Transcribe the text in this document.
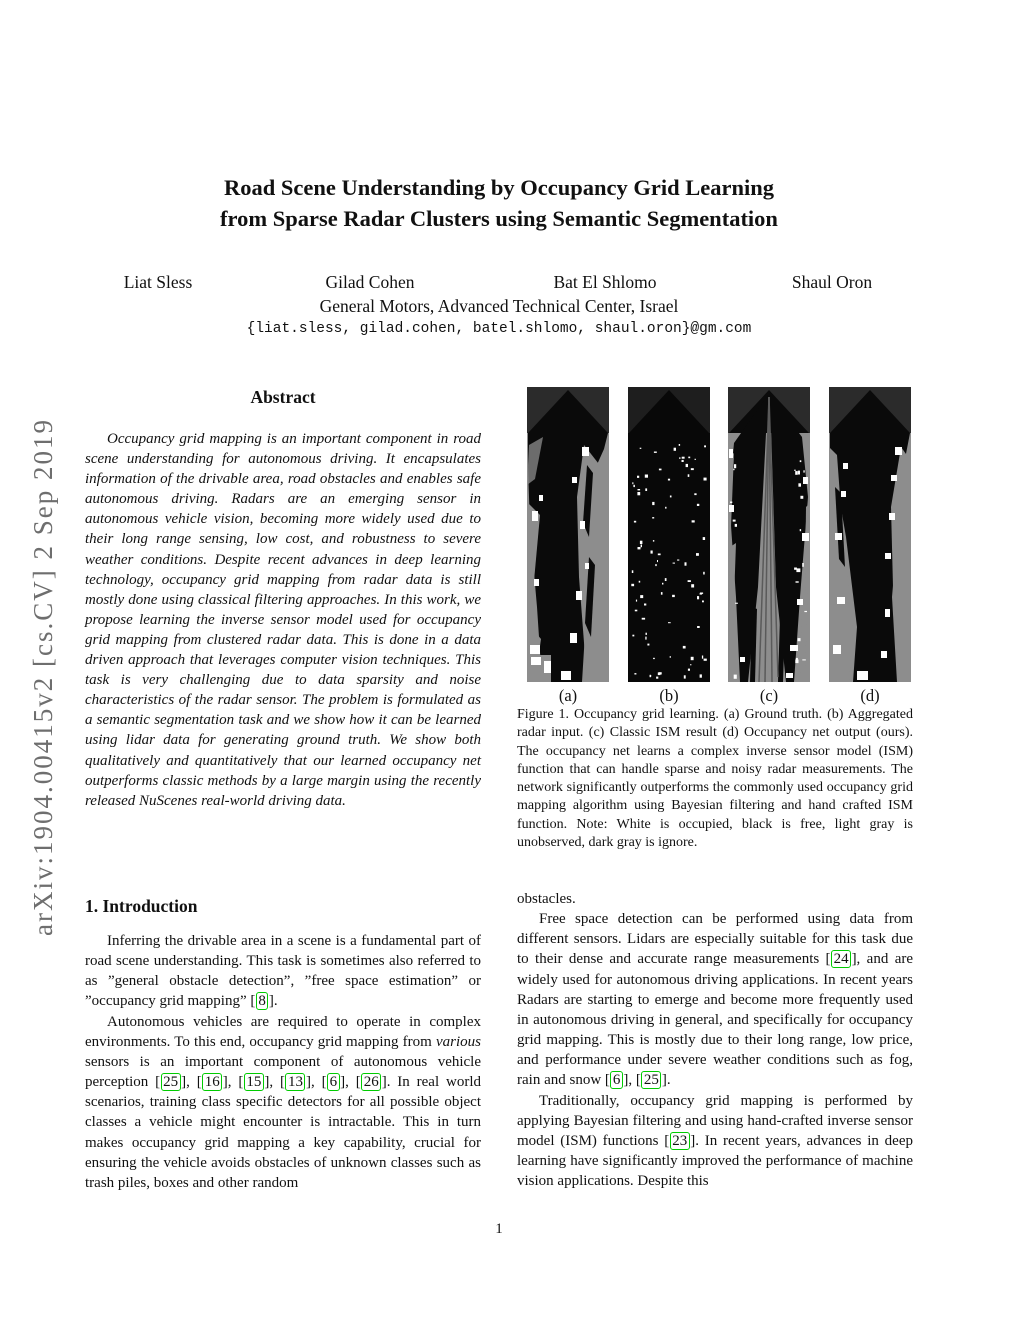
arXiv:1904.00415v2 [cs.CV] 2 Sep 2019
Road Scene Understanding by Occupancy Grid Learning
from Sparse Radar Clusters using Semantic Segmentation
Liat Sless	Gilad Cohen	Bat El Shlomo	Shaul Oron
General Motors, Advanced Technical Center, Israel
{liat.sless, gilad.cohen, batel.shlomo, shaul.oron}@gm.com
Abstract

Occupancy grid mapping is an important component in road scene understanding for autonomous driving. It encapsulates information of the drivable area, road obstacles and enables safe autonomous driving. Radars are an emerging sensor in autonomous vehicle vision, becoming more widely used due to their long range sensing, low cost, and robustness to severe weather conditions. Despite recent advances in deep learning technology, occupancy grid mapping from radar data is still mostly done using classical filtering approaches. In this work, we propose learning the inverse sensor model used for occupancy grid mapping from clustered radar data. This is done in a data driven approach that leverages computer vision techniques. This task is very challenging due to data sparsity and noise characteristics of the radar sensor. The problem is formulated as a semantic segmentation task and we show how it can be learned using lidar data for generating ground truth. We show both qualitatively and quantitatively that our learned occupancy net outperforms classic methods by a large margin using the recently released NuScenes real-world driving data.

1. Introduction

Inferring the drivable area in a scene is a fundamental part of road scene understanding. This task is sometimes also referred to as ”general obstacle detection”, ”free space estimation” or ”occupancy grid mapping” [ 8 ].

Autonomous vehicles are required to operate in complex environments. To this end, occupancy grid mapping from various sensors is an important component of autonomous vehicle perception [ 25 ], [ 16 ], [ 15 ], [ 13 ], [ 6 ], [ 26 ]. In real world scenarios, training class specific detectors for all possible object classes a vehicle might encounter is intractable. This in turn makes occupancy grid mapping a key capability, crucial for ensuring the vehicle avoids obstacles of unknown classes such as trash piles, boxes and other random

(a)	(b)	(c)	(d)
Figure 1. Occupancy grid learning. (a) Ground truth. (b) Aggregated radar input. (c) Classic ISM result (d) Occupancy net output (ours). The occupancy net learns a complex inverse sensor model (ISM) function that can handle sparse and noisy radar measurements. The network significantly outperforms the commonly used occupancy grid mapping algorithm using Bayesian filtering and hand crafted ISM function. Note: White is occupied, black is free, light gray is unobserved, dark gray is ignore.

obstacles.

Free space detection can be performed using data from different sensors. Lidars are especially suitable for this task due to their dense and accurate range measurements [ 24 ], and are widely used for autonomous driving applications. In recent years Radars are starting to emerge and become more frequently used in autonomous driving in general, and specifically for occupancy grid mapping. This is mostly due to their long range, low price, and performance under severe weather conditions such as fog, rain and snow [ 6 ], [ 25 ].

Traditionally, occupancy grid mapping is performed by applying Bayesian filtering and using hand-crafted inverse sensor model (ISM) functions [ 23 ]. In recent years, advances in deep learning have significantly improved the performance of machine vision applications. Despite this

1
